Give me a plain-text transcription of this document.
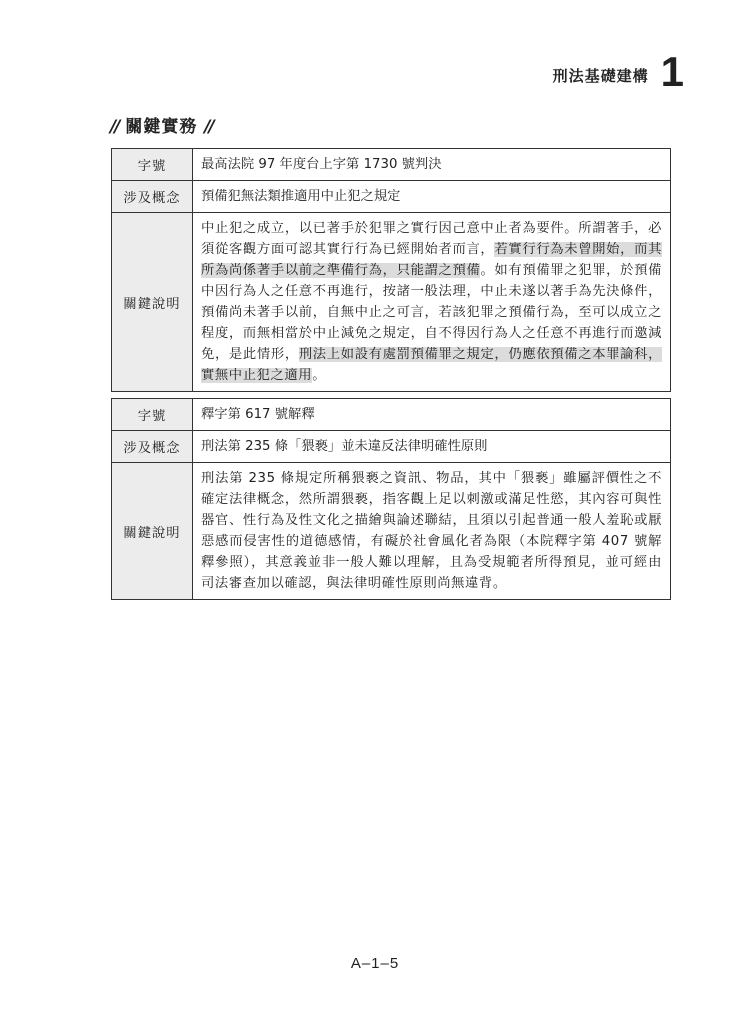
刑法基礎建構 1
// 關鍵實務 //
字號	最高法院 97 年度台上字第 1730 號判決
涉及概念	預備犯無法類推適用中止犯之規定
關鍵說明	中止犯之成立，以已著手於犯罪之實行因己意中止者為要件。所謂著手，必須從客觀方面可認其實行行為已經開始者而言，若實行行為未曾開始，而其所為尚係著手以前之準備行為，只能謂之預備。如有預備罪之犯罪，於預備中因行為人之任意不再進行，按諸一般法理，中止未遂以著手為先決條件，預備尚未著手以前，自無中止之可言，若該犯罪之預備行為，至可以成立之程度，而無相當於中止減免之規定，自不得因行為人之任意不再進行而邀減免，是此情形，刑法上如設有處罰預備罪之規定，仍應依預備之本罪論科，實無中止犯之適用。
字號	釋字第 617 號解釋
涉及概念	刑法第 235 條「猥褻」並未違反法律明確性原則
關鍵說明	刑法第 235 條規定所稱猥褻之資訊、物品，其中「猥褻」雖屬評價性之不確定法律概念，然所謂猥褻，指客觀上足以刺激或滿足性慾，其內容可與性器官、性行為及性文化之描繪與論述聯結，且須以引起普通一般人羞恥或厭惡感而侵害性的道德感情，有礙於社會風化者為限（本院釋字第 407 號解釋參照），其意義並非一般人難以理解，且為受規範者所得預見，並可經由司法審查加以確認，與法律明確性原則尚無違背。
A–1–5
